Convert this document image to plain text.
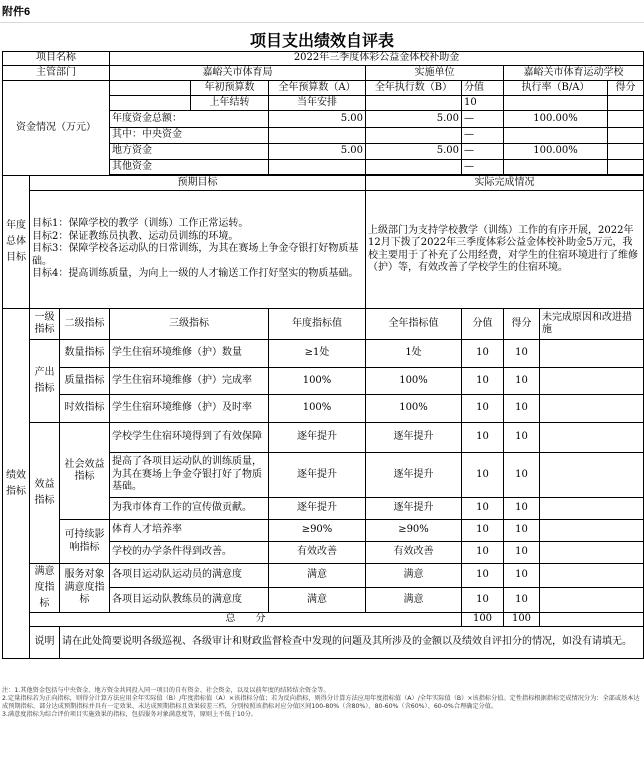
附件6
项目支出绩效自评表
项目名称			2022年三季度体彩公益金体校补助金							
主管部门			嘉峪关市体育局			实施单位		嘉峪关市体育运动学校		
资金情况（万元）				年初预算数	全年预算数（A）	全年执行数（B）	分值	执行率（B/A）		得分
				上年结转	当年安排		10			
			年度资金总额：		5.00	5.00	—	100.00%		
			其中：中央资金				—			
			地方资金		5.00	5.00	—	100.00%		
			其他资金				—			

年度总体目标	预期目标					实际完成情况				

	目标1：保障学校的教学（训练）工作正常运转。
目标2：保证教练员执教、运动员训练的环境。
目标3：保障学校各运动队的日常训练，为其在赛场上争金夺银打好物质基础。
目标4：提高训练质量，为向上一级的人才输送工作打好坚实的物质基础。					上级部门为支持学校教学（训练）工作的有序开展，2022年12月下拨了2022年三季度体彩公益金体校补助金5万元，我校主要用于了补充了公用经费，对学生的住宿环境进行了维修（护）等，有效改善了学校学生的住宿环境。				
绩效指标	一级指标	二级指标	三级指标		年度指标值	全年指标值	分值	得分	未完成原因和改进措施	
	产出指标	数量指标	学生住宿环境维修（护）数量		≥1处	1处	10	10		
		质量指标	学生住宿环境维修（护）完成率		100%	100%	10	10		
		时效指标	学生住宿环境维修（护）及时率		100%	100%	10	10		
	效益指标	社会效益指标	学校学生住宿环境得到了有效保障		逐年提升	逐年提升	10	10		
			提高了各项目运动队的训练质量，为其在赛场上争金夺银打好了物质基础。		逐年提升	逐年提升	10	10		
			为我市体育工作的宣传做贡献。		逐年提升	逐年提升	10	10		
		可持续影响指标	体育人才培养率		≥90%	≥90%	10	10		
			学校的办学条件得到改善。		有效改善	有效改善	10	10		
	满意度指标	服务对象满意度指标	各项目运动队运动员的满意度		满意	满意	10	10		
			各项目运动队教练员的满意度		满意	满意	10	10		
	总　　分						100	100		
	说明	请在此处简要说明各级巡视、各级审计和财政监督检查中发现的问题及其所涉及的金额以及绩效自评扣分的情况，如没有请填无。								

注：1.其他资金包括与中央资金、地方资金共同投入同一项目的自有资金、社会资金，以及以前年度的结转结余资金等。

2.定量指标若为正向指标，则得分计算方法应用全年实际值（B）/年度指标值（A）×该指标分值；若为反向指标，则得分计算方法应用年度指标值（A）/全年实际值（B）×该指标分值。定性指标根据指标完成情况分为：全部或基本达成预期指标、部分达成预期指标并具有一定效果、未达成预期指标且效果较差三档，分别按照该指标对应分值区间100-80%（含80%）、80-60%（含60%）、60-0%合理确定分值。

3.满意度指标为综合评价项目实施效果的指标，包括服务对象满意度等，原则上不低于10分。
